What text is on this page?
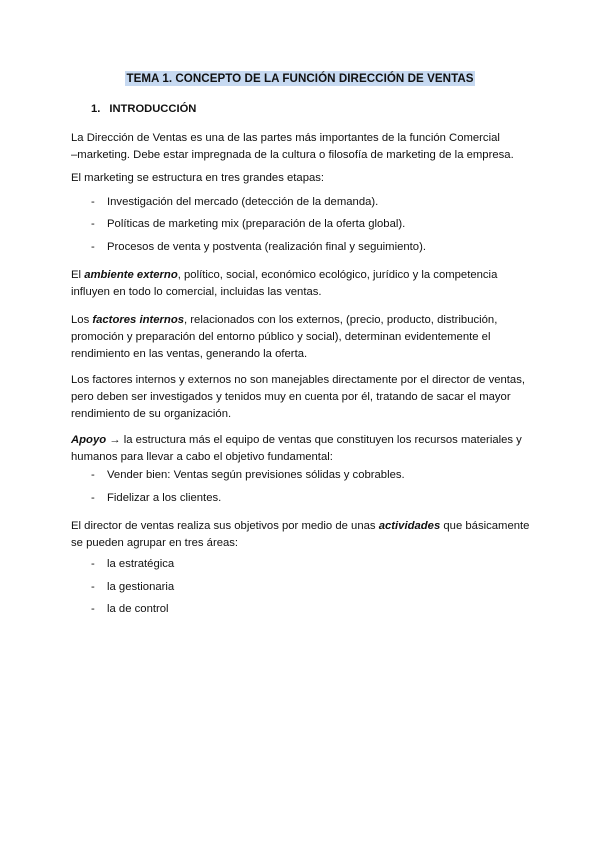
TEMA 1. CONCEPTO DE LA FUNCIÓN DIRECCIÓN DE VENTAS
1. INTRODUCCIÓN
La Dirección de Ventas es una de las partes más importantes de la función Comercial
–marketing. Debe estar impregnada de la cultura o filosofía de marketing de la empresa.
El marketing se estructura en tres grandes etapas:
- Investigación del mercado (detección de la demanda).
- Políticas de marketing mix (preparación de la oferta global).
- Procesos de venta y postventa (realización final y seguimiento).
El ambiente externo, político, social, económico ecológico, jurídico y la competencia
influyen en todo lo comercial, incluidas las ventas.
Los factores internos, relacionados con los externos, (precio, producto, distribución,
promoción y preparación del entorno público y social), determinan evidentemente el
rendimiento en las ventas, generando la oferta.
Los factores internos y externos no son manejables directamente por el director de ventas,
pero deben ser investigados y tenidos muy en cuenta por él, tratando de sacar el mayor
rendimiento de su organización.
Apoyo → la estructura más el equipo de ventas que constituyen los recursos materiales y
humanos para llevar a cabo el objetivo fundamental:
- Vender bien: Ventas según previsiones sólidas y cobrables.
- Fidelizar a los clientes.
El director de ventas realiza sus objetivos por medio de unas actividades que básicamente
se pueden agrupar en tres áreas:
- la estratégica
- la gestionaria
- la de control
